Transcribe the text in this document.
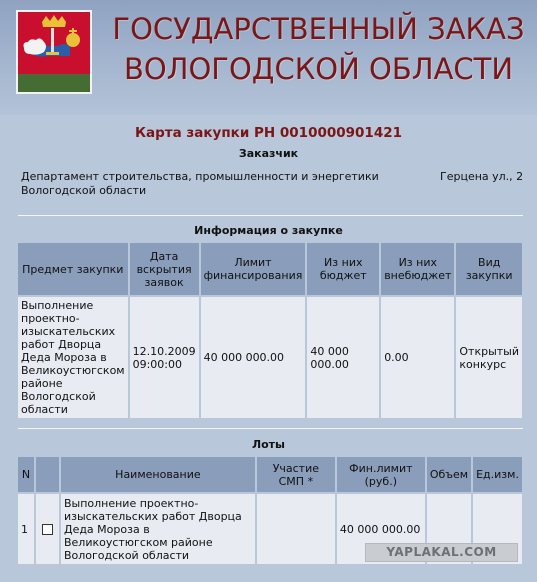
ГОСУДАРСТВЕННЫЙ ЗАКАЗ
ВОЛОГОДСКОЙ ОБЛАСТИ
Карта закупки РН 0010000901421
Заказчик
Департамент строительства, промышленности и энергетики Вологодской области
Герцена ул., 2
Информация о закупке
Предмет закупки	Дата вскрытия заявок	Лимит финансирования	Из них бюджет	Из них внебюджет	Вид закупки
Выполнение проектно-изыскательских работ Дворца Деда Мороза в Великоустюгском районе Вологодской области	12.10.2009 09:00:00	40 000 000.00	40 000 000.00	0.00	Открытый конкурс
Лоты
N		Наименование	Участие СМП *	Фин.лимит (руб.)	Объем	Ед.изм.
1		Выполнение проектно-изыскательских работ Дворца Деда Мороза в Великоустюгском районе Вологодской области		40 000 000.00		
YAPLAKAL.COM
